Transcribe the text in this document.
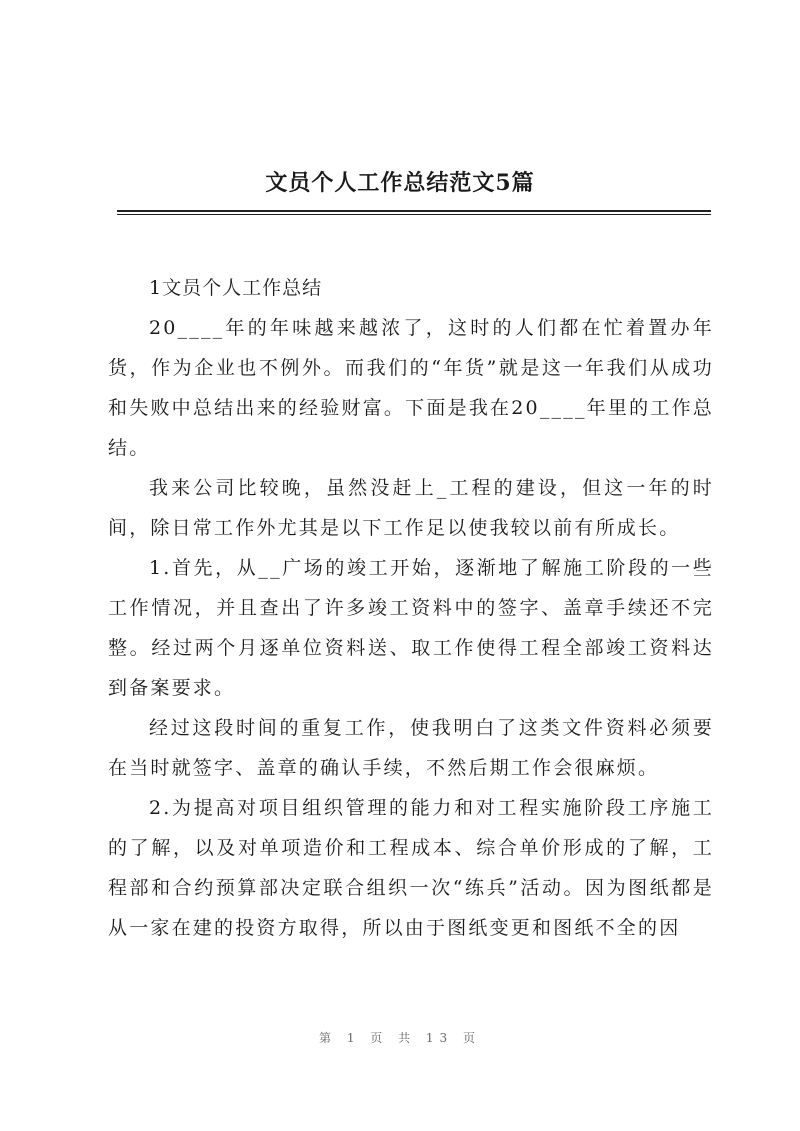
文员个人工作总结范文5篇

1文员个人工作总结

20____年的年味越来越浓了，这时的人们都在忙着置办年货，作为企业也不例外。而我们的“年货”就是这一年我们从成功和失败中总结出来的经验财富。下面是我在20____年里的工作总结。

我来公司比较晚，虽然没赶上_工程的建设，但这一年的时间，除日常工作外尤其是以下工作足以使我较以前有所成长。

1.首先，从__广场的竣工开始，逐渐地了解施工阶段的一些工作情况，并且查出了许多竣工资料中的签字、盖章手续还不完整。经过两个月逐单位资料送、取工作使得工程全部竣工资料达到备案要求。

经过这段时间的重复工作，使我明白了这类文件资料必须要在当时就签字、盖章的确认手续，不然后期工作会很麻烦。

2.为提高对项目组织管理的能力和对工程实施阶段工序施工的了解，以及对单项造价和工程成本、综合单价形成的了解，工程部和合约预算部决定联合组织一次“练兵”活动。因为图纸都是从一家在建的投资方取得，所以由于图纸变更和图纸不全的因

第 1 页 共 13 页
